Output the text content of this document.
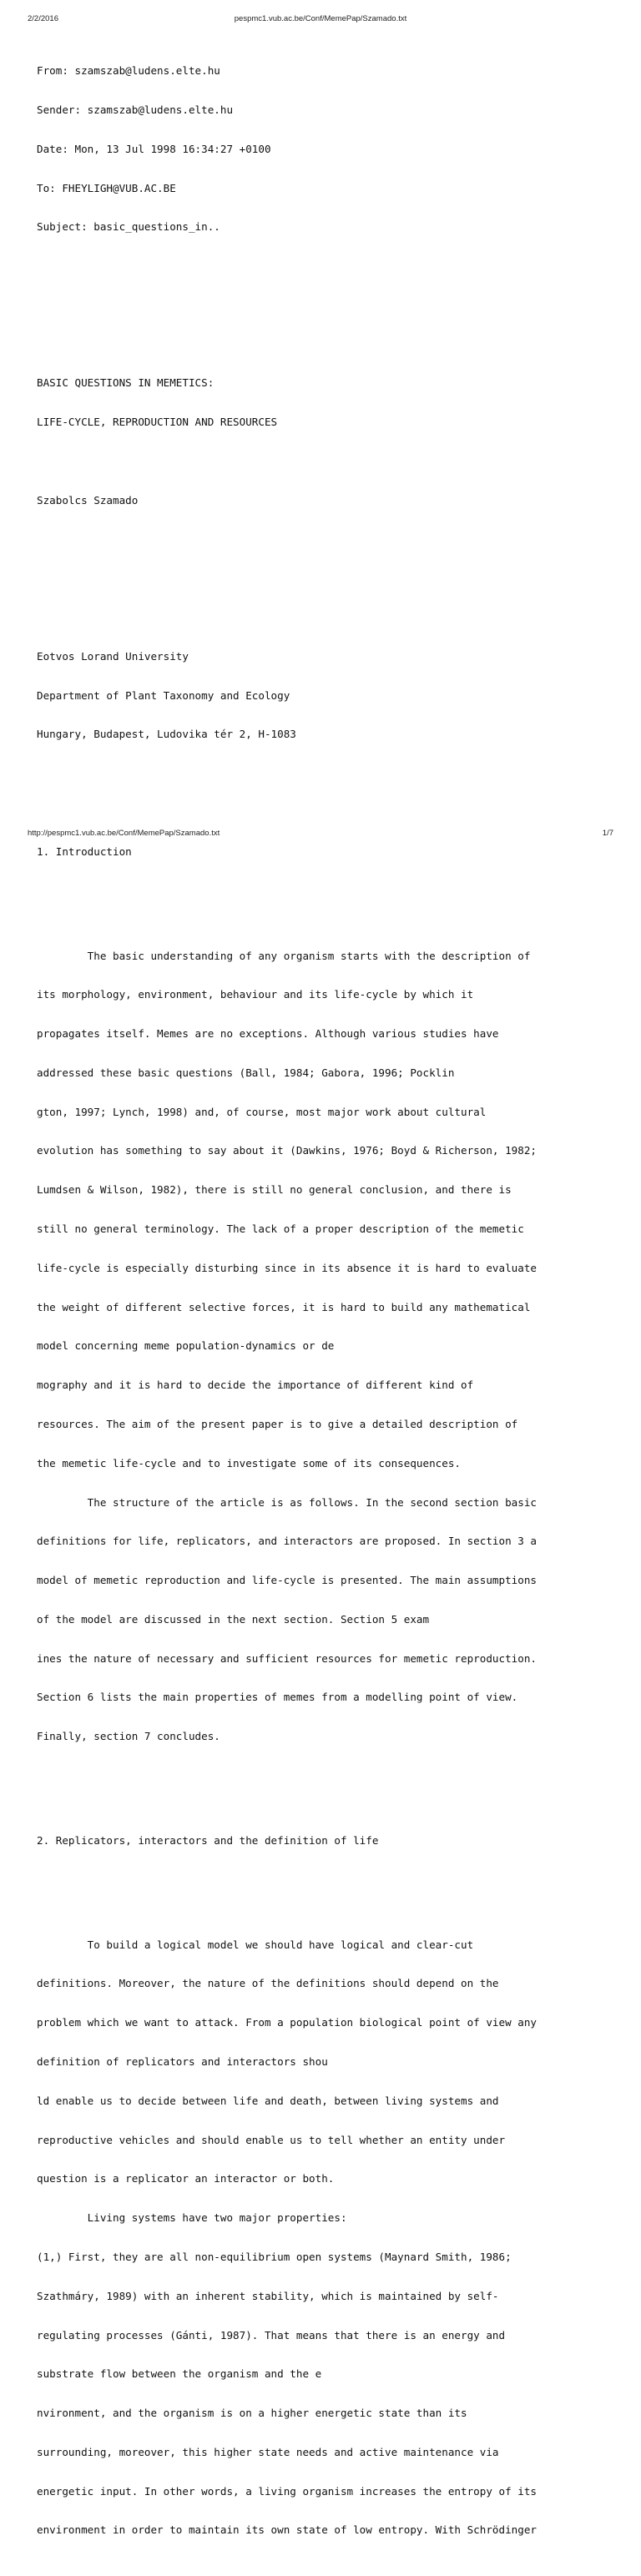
2/2/2016	pespmc1.vub.ac.be/Conf/MemePap/Szamado.txt

From: szamszab@ludens.elte.hu

Sender: szamszab@ludens.elte.hu

Date: Mon, 13 Jul 1998 16:34:27 +0100

To: FHEYLIGH@VUB.AC.BE

Subject: basic_questions_in..

BASIC QUESTIONS IN MEMETICS:

LIFE-CYCLE, REPRODUCTION AND RESOURCES

Szabolcs Szamado

Eotvos Lorand University

Department of Plant Taxonomy and Ecology

Hungary, Budapest, Ludovika tér 2, H-1083

1. Introduction

The basic understanding of any organism starts with the description of

its morphology, environment, behaviour and its life-cycle by which it

propagates itself. Memes are no exceptions. Although various studies have

addressed these basic questions (Ball, 1984; Gabora, 1996; Pocklin

gton, 1997; Lynch, 1998) and, of course, most major work about cultural

evolution has something to say about it (Dawkins, 1976; Boyd & Richerson, 1982;

Lumdsen & Wilson, 1982), there is still no general conclusion, and there is

still no general terminology. The lack of a proper description of the memetic

life-cycle is especially disturbing since in its absence it is hard to evaluate

the weight of different selective forces, it is hard to build any mathematical

model concerning meme population-dynamics or de

mography and it is hard to decide the importance of different kind of

resources. The aim of the present paper is to give a detailed description of

the memetic life-cycle and to investigate some of its consequences.

The structure of the article is as follows. In the second section basic

definitions for life, replicators, and interactors are proposed. In section 3 a

model of memetic reproduction and life-cycle is presented. The main assumptions

of the model are discussed in the next section. Section 5 exam

ines the nature of necessary and sufficient resources for memetic reproduction.

Section 6 lists the main properties of memes from a modelling point of view.

Finally, section 7 concludes.

2. Replicators, interactors and the definition of life

To build a logical model we should have logical and clear-cut

definitions. Moreover, the nature of the definitions should depend on the

problem which we want to attack. From a population biological point of view any

definition of replicators and interactors shou

ld enable us to decide between life and death, between living systems and

reproductive vehicles and should enable us to tell whether an entity under

question is a replicator an interactor or both.

Living systems have two major properties:

(1,) First, they are all non-equilibrium open systems (Maynard Smith, 1986;

Szathmáry, 1989) with an inherent stability, which is maintained by self-

regulating processes (Gánti, 1987). That means that there is an energy and

substrate flow between the organism and the e

nvironment, and the organism is on a higher energetic state than its

surrounding, moreover, this higher state needs and active maintenance via

energetic input. In other words, a living organism increases the entropy of its

environment in order to maintain its own state of low entropy. With Schrödinger

http://pespmc1.vub.ac.be/Conf/MemePap/Szamado.txt	1/7
